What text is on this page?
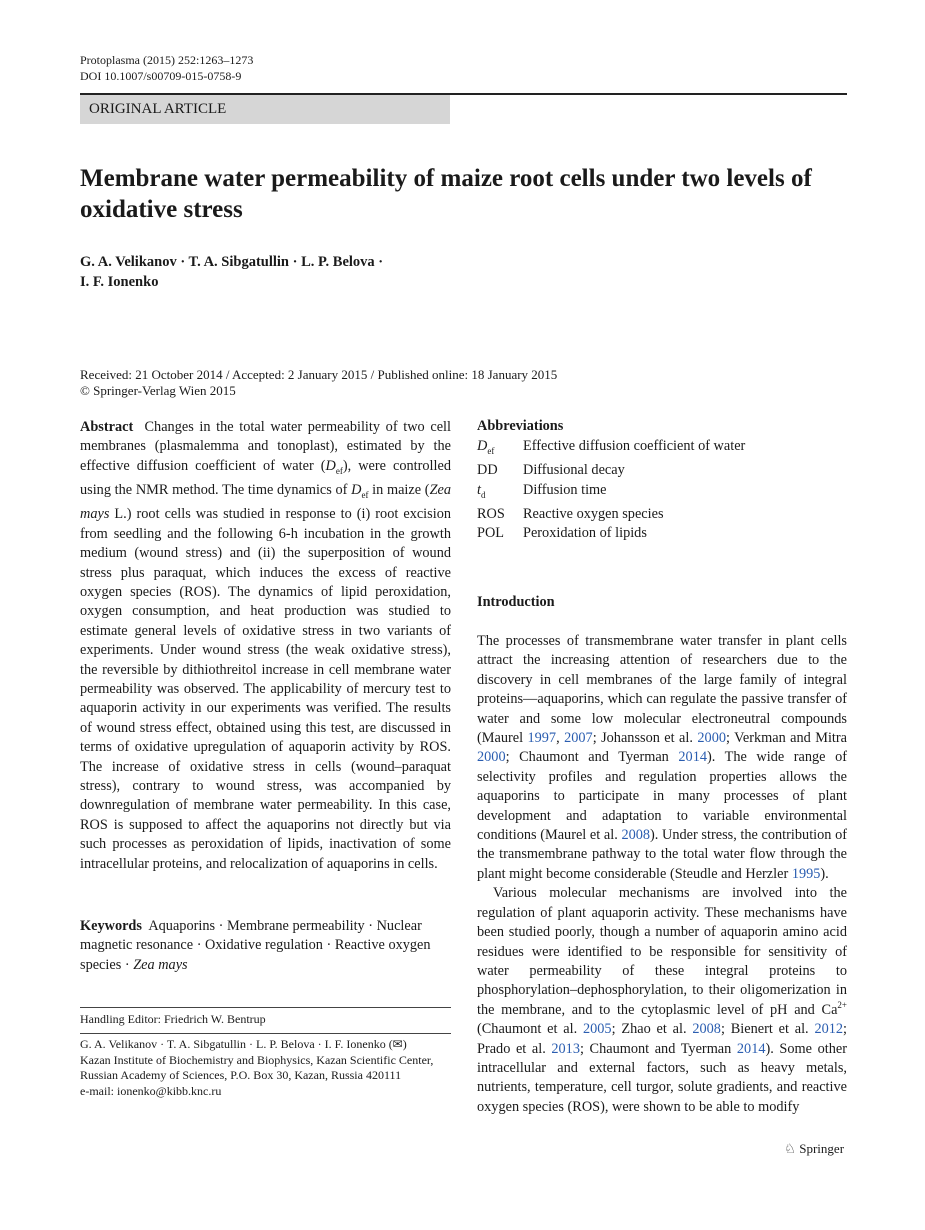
Protoplasma (2015) 252:1263–1273
DOI 10.1007/s00709-015-0758-9
ORIGINAL ARTICLE
Membrane water permeability of maize root cells under two levels of oxidative stress
G. A. Velikanov · T. A. Sibgatullin · L. P. Belova ·
I. F. Ionenko
Received: 21 October 2014 / Accepted: 2 January 2015 / Published online: 18 January 2015
© Springer-Verlag Wien 2015
Abstract Changes in the total water permeability of two cell membranes (plasmalemma and tonoplast), estimated by the effective diffusion coefficient of water $(D_{ef})$, were controlled using the NMR method. The time dynamics of $D_{ef}$ in maize (Zea mays L.) root cells was studied in response to (i) root excision from seedling and the following 6-h incubation in the growth medium (wound stress) and (ii) the superposition of wound stress plus paraquat, which induces the excess of reactive oxygen species (ROS). The dynamics of lipid peroxidation, oxygen consumption, and heat production was studied to estimate general levels of oxidative stress in two variants of experiments. Under wound stress (the weak oxidative stress), the reversible by dithiothreitol increase in cell membrane water permeability was observed. The applicability of mercury test to aquaporin activity in our experiments was verified. The results of wound stress effect, obtained using this test, are discussed in terms of oxidative upregulation of aquaporin activity by ROS. The increase of oxidative stress in cells (wound–paraquat stress), contrary to wound stress, was accompanied by downregulation of membrane water permeability. In this case, ROS is supposed to affect the aquaporins not directly but via such processes as peroxidation of lipids, inactivation of some intracellular proteins, and relocalization of aquaporins in cells.
Keywords Aquaporins · Membrane permeability · Nuclear magnetic resonance · Oxidative regulation · Reactive oxygen species · Zea mays
Handling Editor: Friedrich W. Bentrup
G. A. Velikanov · T. A. Sibgatullin · L. P. Belova · I. F. Ionenko (✉)
Kazan Institute of Biochemistry and Biophysics, Kazan Scientific Center, Russian Academy of Sciences, P.O. Box 30, Kazan, Russia 420111
e-mail: ionenko@kibb.knc.ru
Abbreviations
$D_{ef}$	Effective diffusion coefficient of water
DD	Diffusional decay
$t_d$	Diffusion time
ROS	Reactive oxygen species
POL	Peroxidation of lipids
Introduction
The processes of transmembrane water transfer in plant cells attract the increasing attention of researchers due to the discovery in cell membranes of the large family of integral proteins—aquaporins, which can regulate the passive transfer of water and some low molecular electroneutral compounds (Maurel 1997, 2007; Johansson et al. 2000; Verkman and Mitra 2000; Chaumont and Tyerman 2014). The wide range of selectivity profiles and regulation properties allows the aquaporins to participate in many processes of plant development and adaptation to variable environmental conditions (Maurel et al. 2008). Under stress, the contribution of the transmembrane pathway to the total water flow through the plant might become considerable (Steudle and Herzler 1995).
Various molecular mechanisms are involved into the regulation of plant aquaporin activity. These mechanisms have been studied poorly, though a number of aquaporin amino acid residues were identified to be responsible for sensitivity of water permeability of these integral proteins to phosphorylation–dephosphorylation, to their oligomerization in the membrane, and to the cytoplasmic level of pH and $Ca^{2+}$ (Chaumont et al. 2005; Zhao et al. 2008; Bienert et al. 2012; Prado et al. 2013; Chaumont and Tyerman 2014). Some other intracellular and external factors, such as heavy metals, nutrients, temperature, cell turgor, solute gradients, and reactive oxygen species (ROS), were shown to be able to modify
♘ Springer
